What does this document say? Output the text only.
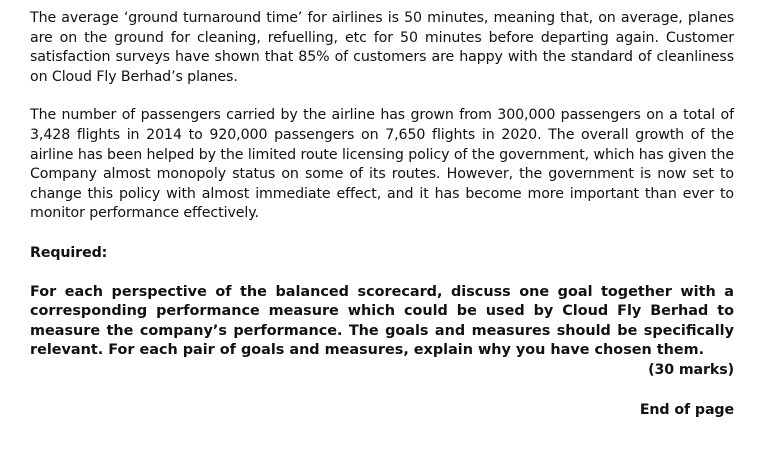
The average ‘ground turnaround time’ for airlines is 50 minutes, meaning that, on average, planes are on the ground for cleaning, refuelling, etc for 50 minutes before departing again. Customer satisfaction surveys have shown that 85% of customers are happy with the standard of cleanliness on Cloud Fly Berhad’s planes.

The number of passengers carried by the airline has grown from 300,000 passengers on a total of 3,428 flights in 2014 to 920,000 passengers on 7,650 flights in 2020. The overall growth of the airline has been helped by the limited route licensing policy of the government, which has given the Company almost monopoly status on some of its routes. However, the government is now set to change this policy with almost immediate effect, and it has become more important than ever to monitor performance effectively.

Required:

For each perspective of the balanced scorecard, discuss one goal together with a corresponding performance measure which could be used by Cloud Fly Berhad to measure the company’s performance. The goals and measures should be specifically relevant. For each pair of goals and measures, explain why you have chosen them.

(30 marks)

End of page
